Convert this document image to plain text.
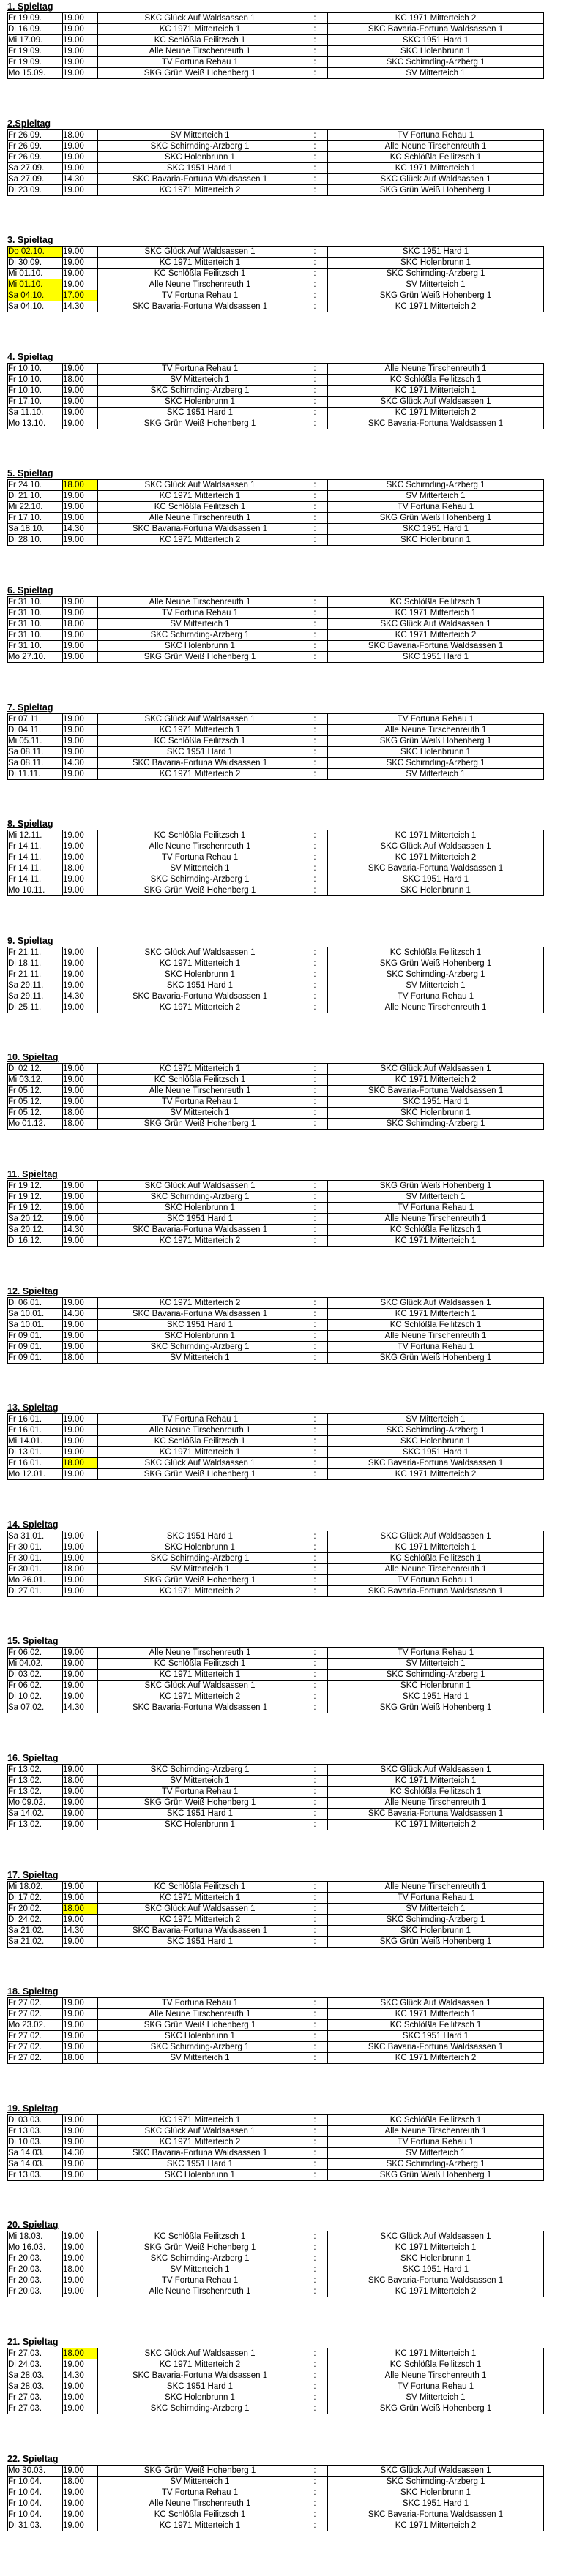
1. Spieltag
Fr 19.09.	19.00	SKC Glück Auf Waldsassen 1	:	KC 1971 Mitterteich 2
Di 16.09.	19.00	KC 1971 Mitterteich 1	:	SKC Bavaria-Fortuna Waldsassen 1
Mi 17.09.	19.00	KC Schlößla Feilitzsch 1	:	SKC 1951 Hard 1
Fr 19.09.	19.00	Alle Neune Tirschenreuth 1	:	SKC Holenbrunn 1
Fr 19.09.	19.00	TV Fortuna Rehau 1	:	SKC Schirnding-Arzberg 1
Mo 15.09.	19.00	SKG Grün Weiß Hohenberg 1	:	SV Mitterteich 1
2.Spieltag
Fr 26.09.	18.00	SV Mitterteich 1	:	TV Fortuna Rehau 1
Fr 26.09.	19.00	SKC Schirnding-Arzberg 1	:	Alle Neune Tirschenreuth 1
Fr 26.09.	19.00	SKC Holenbrunn 1	:	KC Schlößla Feilitzsch 1
Sa 27.09.	19.00	SKC 1951 Hard 1	:	KC 1971 Mitterteich 1
Sa 27.09.	14.30	SKC Bavaria-Fortuna Waldsassen 1	:	SKC Glück Auf Waldsassen 1
Di 23.09.	19.00	KC 1971 Mitterteich 2	:	SKG Grün Weiß Hohenberg 1
3. Spieltag
Do 02.10.	19.00	SKC Glück Auf Waldsassen 1	:	SKC 1951 Hard 1
Di 30.09.	19.00	KC 1971 Mitterteich 1	:	SKC Holenbrunn 1
Mi 01.10.	19.00	KC Schlößla Feilitzsch 1	:	SKC Schirnding-Arzberg 1
Mi 01.10.	19.00	Alle Neune Tirschenreuth 1	:	SV Mitterteich 1
Sa 04.10.	17.00	TV Fortuna Rehau 1	:	SKG Grün Weiß Hohenberg 1
Sa 04.10.	14.30	SKC Bavaria-Fortuna Waldsassen 1	:	KC 1971 Mitterteich 2
4. Spieltag
Fr 10.10.	19.00	TV Fortuna Rehau 1	:	Alle Neune Tirschenreuth 1
Fr 10.10.	18.00	SV Mitterteich 1	:	KC Schlößla Feilitzsch 1
Fr 10.10.	19.00	SKC Schirnding-Arzberg 1	:	KC 1971 Mitterteich 1
Fr 17.10.	19.00	SKC Holenbrunn 1	:	SKC Glück Auf Waldsassen 1
Sa 11.10.	19.00	SKC 1951 Hard 1	:	KC 1971 Mitterteich 2
Mo 13.10.	19.00	SKG Grün Weiß Hohenberg 1	:	SKC Bavaria-Fortuna Waldsassen 1
5. Spieltag
Fr 24.10.	18.00	SKC Glück Auf Waldsassen 1	:	SKC Schirnding-Arzberg 1
Di 21.10.	19.00	KC 1971 Mitterteich 1	:	SV Mitterteich 1
Mi 22.10.	19.00	KC Schlößla Feilitzsch 1	:	TV Fortuna Rehau 1
Fr 17.10.	19.00	Alle Neune Tirschenreuth 1	:	SKG Grün Weiß Hohenberg 1
Sa 18.10.	14.30	SKC Bavaria-Fortuna Waldsassen 1	:	SKC 1951 Hard 1
Di 28.10.	19.00	KC 1971 Mitterteich 2	:	SKC Holenbrunn 1
6. Spieltag
Fr 31.10.	19.00	Alle Neune Tirschenreuth 1	:	KC Schlößla Feilitzsch 1
Fr 31.10.	19.00	TV Fortuna Rehau 1	:	KC 1971 Mitterteich 1
Fr 31.10.	18.00	SV Mitterteich 1	:	SKC Glück Auf Waldsassen 1
Fr 31.10.	19.00	SKC Schirnding-Arzberg 1	:	KC 1971 Mitterteich 2
Fr 31.10.	19.00	SKC Holenbrunn 1	:	SKC Bavaria-Fortuna Waldsassen 1
Mo 27.10.	19.00	SKG Grün Weiß Hohenberg 1	:	SKC 1951 Hard 1
7. Spieltag
Fr 07.11.	19.00	SKC Glück Auf Waldsassen 1	:	TV Fortuna Rehau 1
Di 04.11.	19.00	KC 1971 Mitterteich 1	:	Alle Neune Tirschenreuth 1
Mi 05.11.	19.00	KC Schlößla Feilitzsch 1	:	SKG Grün Weiß Hohenberg 1
Sa 08.11.	19.00	SKC 1951 Hard 1	:	SKC Holenbrunn 1
Sa 08.11.	14.30	SKC Bavaria-Fortuna Waldsassen 1	:	SKC Schirnding-Arzberg 1
Di 11.11.	19.00	KC 1971 Mitterteich 2	:	SV Mitterteich 1
8. Spieltag
Mi 12.11.	19.00	KC Schlößla Feilitzsch 1	:	KC 1971 Mitterteich 1
Fr 14.11.	19.00	Alle Neune Tirschenreuth 1	:	SKC Glück Auf Waldsassen 1
Fr 14.11.	19.00	TV Fortuna Rehau 1	:	KC 1971 Mitterteich 2
Fr 14.11.	18.00	SV Mitterteich 1	:	SKC Bavaria-Fortuna Waldsassen 1
Fr 14.11.	19.00	SKC Schirnding-Arzberg 1	:	SKC 1951 Hard 1
Mo 10.11.	19.00	SKG Grün Weiß Hohenberg 1	:	SKC Holenbrunn 1
9. Spieltag
Fr 21.11.	19.00	SKC Glück Auf Waldsassen 1	:	KC Schlößla Feilitzsch 1
Di 18.11.	19.00	KC 1971 Mitterteich 1	:	SKG Grün Weiß Hohenberg 1
Fr 21.11.	19.00	SKC Holenbrunn 1	:	SKC Schirnding-Arzberg 1
Sa 29.11.	19.00	SKC 1951 Hard 1	:	SV Mitterteich 1
Sa 29.11.	14.30	SKC Bavaria-Fortuna Waldsassen 1	:	TV Fortuna Rehau 1
Di 25.11.	19.00	KC 1971 Mitterteich 2	:	Alle Neune Tirschenreuth 1
10. Spieltag
Di 02.12.	19.00	KC 1971 Mitterteich 1	:	SKC Glück Auf Waldsassen 1
Mi 03.12.	19.00	KC Schlößla Feilitzsch 1	:	KC 1971 Mitterteich 2
Fr 05.12.	19.00	Alle Neune Tirschenreuth 1	:	SKC Bavaria-Fortuna Waldsassen 1
Fr 05.12.	19.00	TV Fortuna Rehau 1	:	SKC 1951 Hard 1
Fr 05.12.	18.00	SV Mitterteich 1	:	SKC Holenbrunn 1
Mo 01.12.	18.00	SKG Grün Weiß Hohenberg 1	:	SKC Schirnding-Arzberg 1
11. Spieltag
Fr 19.12.	19.00	SKC Glück Auf Waldsassen 1	:	SKG Grün Weiß Hohenberg 1
Fr 19.12.	19.00	SKC Schirnding-Arzberg 1	:	SV Mitterteich 1
Fr 19.12.	19.00	SKC Holenbrunn 1	:	TV Fortuna Rehau 1
Sa 20.12.	19.00	SKC 1951 Hard 1	:	Alle Neune Tirschenreuth 1
Sa 20.12.	14.30	SKC Bavaria-Fortuna Waldsassen 1	:	KC Schlößla Feilitzsch 1
Di 16.12.	19.00	KC 1971 Mitterteich 2	:	KC 1971 Mitterteich 1
12. Spieltag
Di 06.01.	19.00	KC 1971 Mitterteich 2	:	SKC Glück Auf Waldsassen 1
Sa 10.01.	14.30	SKC Bavaria-Fortuna Waldsassen 1	:	KC 1971 Mitterteich 1
Sa 10.01.	19.00	SKC 1951 Hard 1	:	KC Schlößla Feilitzsch 1
Fr 09.01.	19.00	SKC Holenbrunn 1	:	Alle Neune Tirschenreuth 1
Fr 09.01.	19.00	SKC Schirnding-Arzberg 1	:	TV Fortuna Rehau 1
Fr 09.01.	18.00	SV Mitterteich 1	:	SKG Grün Weiß Hohenberg 1
13. Spieltag
Fr 16.01.	19.00	TV Fortuna Rehau 1	:	SV Mitterteich 1
Fr 16.01.	19.00	Alle Neune Tirschenreuth 1	:	SKC Schirnding-Arzberg 1
Mi 14.01.	19.00	KC Schlößla Feilitzsch 1	:	SKC Holenbrunn 1
Di 13.01.	19.00	KC 1971 Mitterteich 1	:	SKC 1951 Hard 1
Fr 16.01.	18.00	SKC Glück Auf Waldsassen 1	:	SKC Bavaria-Fortuna Waldsassen 1
Mo 12.01.	19.00	SKG Grün Weiß Hohenberg 1	:	KC 1971 Mitterteich 2
14. Spieltag
Sa 31.01.	19.00	SKC 1951 Hard 1	:	SKC Glück Auf Waldsassen 1
Fr 30.01.	19.00	SKC Holenbrunn 1	:	KC 1971 Mitterteich 1
Fr 30.01.	19.00	SKC Schirnding-Arzberg 1	:	KC Schlößla Feilitzsch 1
Fr 30.01.	18.00	SV Mitterteich 1	:	Alle Neune Tirschenreuth 1
Mo 26.01.	19.00	SKG Grün Weiß Hohenberg 1	:	TV Fortuna Rehau 1
Di 27.01.	19.00	KC 1971 Mitterteich 2	:	SKC Bavaria-Fortuna Waldsassen 1
15. Spieltag
Fr 06.02.	19.00	Alle Neune Tirschenreuth 1	:	TV Fortuna Rehau 1
Mi 04.02.	19.00	KC Schlößla Feilitzsch 1	:	SV Mitterteich 1
Di 03.02.	19.00	KC 1971 Mitterteich 1	:	SKC Schirnding-Arzberg 1
Fr 06.02.	19.00	SKC Glück Auf Waldsassen 1	:	SKC Holenbrunn 1
Di 10.02.	19.00	KC 1971 Mitterteich 2	:	SKC 1951 Hard 1
Sa 07.02.	14.30	SKC Bavaria-Fortuna Waldsassen 1	:	SKG Grün Weiß Hohenberg 1
16. Spieltag
Fr 13.02.	19.00	SKC Schirnding-Arzberg 1	:	SKC Glück Auf Waldsassen 1
Fr 13.02.	18.00	SV Mitterteich 1	:	KC 1971 Mitterteich 1
Fr 13.02.	19.00	TV Fortuna Rehau 1	:	KC Schlößla Feilitzsch 1
Mo 09.02.	19.00	SKG Grün Weiß Hohenberg 1	:	Alle Neune Tirschenreuth 1
Sa 14.02.	19.00	SKC 1951 Hard 1	:	SKC Bavaria-Fortuna Waldsassen 1
Fr 13.02.	19.00	SKC Holenbrunn 1	:	KC 1971 Mitterteich 2
17. Spieltag
Mi 18.02.	19.00	KC Schlößla Feilitzsch 1	:	Alle Neune Tirschenreuth 1
Di 17.02.	19.00	KC 1971 Mitterteich 1	:	TV Fortuna Rehau 1
Fr 20.02.	18.00	SKC Glück Auf Waldsassen 1	:	SV Mitterteich 1
Di 24.02.	19.00	KC 1971 Mitterteich 2	:	SKC Schirnding-Arzberg 1
Sa 21.02.	14.30	SKC Bavaria-Fortuna Waldsassen 1	:	SKC Holenbrunn 1
Sa 21.02.	19.00	SKC 1951 Hard 1	:	SKG Grün Weiß Hohenberg 1
18. Spieltag
Fr 27.02.	19.00	TV Fortuna Rehau 1	:	SKC Glück Auf Waldsassen 1
Fr 27.02.	19.00	Alle Neune Tirschenreuth 1	:	KC 1971 Mitterteich 1
Mo 23.02.	19.00	SKG Grün Weiß Hohenberg 1	:	KC Schlößla Feilitzsch 1
Fr 27.02.	19.00	SKC Holenbrunn 1	:	SKC 1951 Hard 1
Fr 27.02.	19.00	SKC Schirnding-Arzberg 1	:	SKC Bavaria-Fortuna Waldsassen 1
Fr 27.02.	18.00	SV Mitterteich 1	:	KC 1971 Mitterteich 2
19. Spieltag
Di 03.03.	19.00	KC 1971 Mitterteich 1	:	KC Schlößla Feilitzsch 1
Fr 13.03.	19.00	SKC Glück Auf Waldsassen 1	:	Alle Neune Tirschenreuth 1
Di 10.03.	19.00	KC 1971 Mitterteich 2	:	TV Fortuna Rehau 1
Sa 14.03.	14.30	SKC Bavaria-Fortuna Waldsassen 1	:	SV Mitterteich 1
Sa 14.03.	19.00	SKC 1951 Hard 1	:	SKC Schirnding-Arzberg 1
Fr 13.03.	19.00	SKC Holenbrunn 1	:	SKG Grün Weiß Hohenberg 1
20. Spieltag
Mi 18.03.	19.00	KC Schlößla Feilitzsch 1	:	SKC Glück Auf Waldsassen 1
Mo 16.03.	19.00	SKG Grün Weiß Hohenberg 1	:	KC 1971 Mitterteich 1
Fr 20.03.	19.00	SKC Schirnding-Arzberg 1	:	SKC Holenbrunn 1
Fr 20.03.	18.00	SV Mitterteich 1	:	SKC 1951 Hard 1
Fr 20.03.	19.00	TV Fortuna Rehau 1	:	SKC Bavaria-Fortuna Waldsassen 1
Fr 20.03.	19.00	Alle Neune Tirschenreuth 1	:	KC 1971 Mitterteich 2
21. Spieltag
Fr 27.03.	18.00	SKC Glück Auf Waldsassen 1	:	KC 1971 Mitterteich 1
Di 24.03.	19.00	KC 1971 Mitterteich 2	:	KC Schlößla Feilitzsch 1
Sa 28.03.	14.30	SKC Bavaria-Fortuna Waldsassen 1	:	Alle Neune Tirschenreuth 1
Sa 28.03.	19.00	SKC 1951 Hard 1	:	TV Fortuna Rehau 1
Fr 27.03.	19.00	SKC Holenbrunn 1	:	SV Mitterteich 1
Fr 27.03.	19.00	SKC Schirnding-Arzberg 1	:	SKG Grün Weiß Hohenberg 1
22. Spieltag
Mo 30.03.	19.00	SKG Grün Weiß Hohenberg 1	:	SKC Glück Auf Waldsassen 1
Fr 10.04.	18.00	SV Mitterteich 1	:	SKC Schirnding-Arzberg 1
Fr 10.04.	19.00	TV Fortuna Rehau 1	:	SKC Holenbrunn 1
Fr 10.04.	19.00	Alle Neune Tirschenreuth 1	:	SKC 1951 Hard 1
Fr 10.04.	19.00	KC Schlößla Feilitzsch 1	:	SKC Bavaria-Fortuna Waldsassen 1
Di 31.03.	19.00	KC 1971 Mitterteich 1	:	KC 1971 Mitterteich 2
